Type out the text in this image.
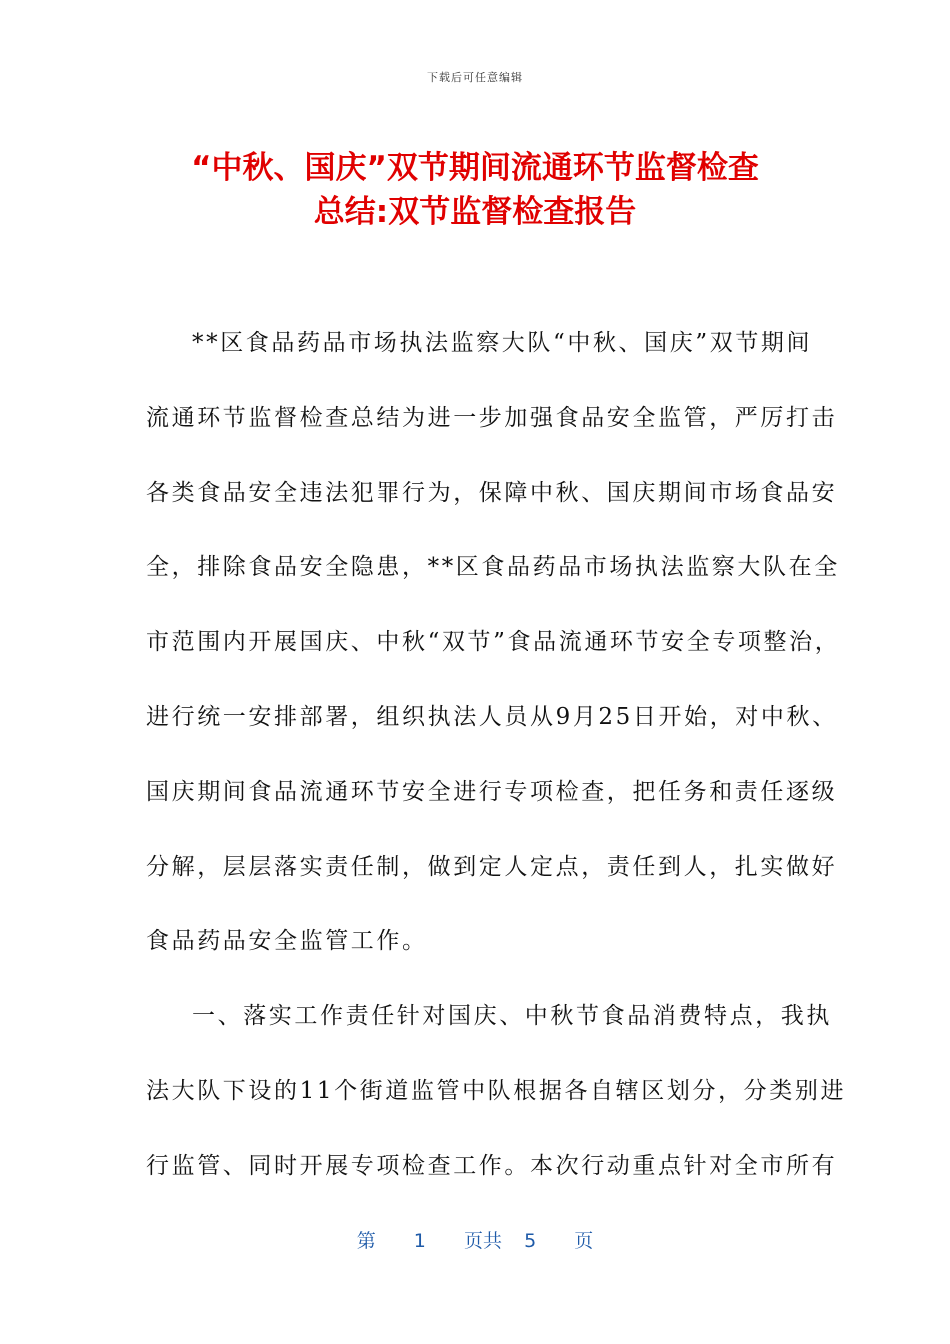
下载后可任意编辑
“中秋、国庆”双节期间流通环节监督检查
总结:双节监督检查报告
**区食品药品市场执法监察大队“中秋、国庆”双节期间
流通环节监督检查总结为进一步加强食品安全监管，严厉打击
各类食品安全违法犯罪行为，保障中秋、国庆期间市场食品安
全，排除食品安全隐患，**区食品药品市场执法监察大队在全
市范围内开展国庆、中秋“双节”食品流通环节安全专项整治，
进行统一安排部署，组织执法人员从9月25日开始，对中秋、
国庆期间食品流通环节安全进行专项检查，把任务和责任逐级
分解，层层落实责任制，做到定人定点，责任到人，扎实做好
食品药品安全监管工作。
一、落实工作责任针对国庆、中秋节食品消费特点，我执
法大队下设的11个街道监管中队根据各自辖区划分，分类别进
行监管、同时开展专项检查工作。本次行动重点针对全市所有
第 1 页共 5 页
